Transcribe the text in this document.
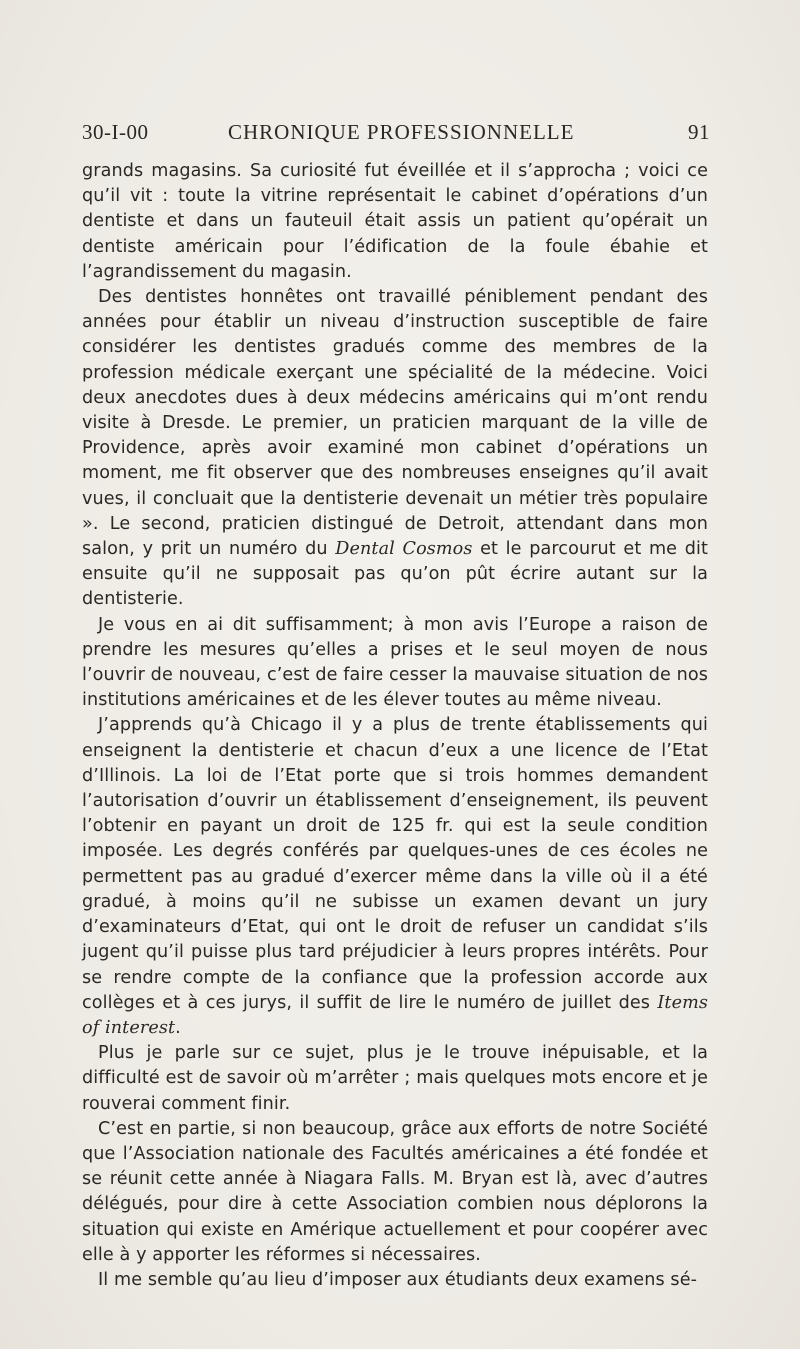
30-I-00	CHRONIQUE PROFESSIONNELLE	91

grands magasins. Sa curiosité fut éveillée et il s’approcha ; voici ce qu’il vit : toute la vitrine représentait le cabinet d’opérations d’un dentiste et dans un fauteuil était assis un patient qu’opérait un dentiste américain pour l’édification de la foule ébahie et l’agrandissement du magasin.

Des dentistes honnêtes ont travaillé péniblement pendant des années pour établir un niveau d’instruction susceptible de faire considérer les dentistes gradués comme des membres de la profession médicale exerçant une spécialité de la médecine. Voici deux anecdotes dues à deux médecins américains qui m’ont rendu visite à Dresde. Le premier, un praticien marquant de la ville de Providence, après avoir examiné mon cabinet d’opérations un moment, me fit observer que des nombreuses enseignes qu’il avait vues, il concluait que la dentisterie devenait un métier très populaire ». Le second, praticien distingué de Detroit, attendant dans mon salon, y prit un numéro du Dental Cosmos et le parcourut et me dit ensuite qu’il ne supposait pas qu’on pût écrire autant sur la dentisterie.

Je vous en ai dit suffisamment; à mon avis l’Europe a raison de prendre les mesures qu’elles a prises et le seul moyen de nous l’ouvrir de nouveau, c’est de faire cesser la mauvaise situation de nos institutions américaines et de les élever toutes au même niveau.

J’apprends qu’à Chicago il y a plus de trente établissements qui enseignent la dentisterie et chacun d’eux a une licence de l’Etat d’Illinois. La loi de l’Etat porte que si trois hommes demandent l’autorisation d’ouvrir un établissement d’enseignement, ils peuvent l’obtenir en payant un droit de 125 fr. qui est la seule condition imposée. Les degrés conférés par quelques-unes de ces écoles ne permettent pas au gradué d’exercer même dans la ville où il a été gradué, à moins qu’il ne subisse un examen devant un jury d’examinateurs d’Etat, qui ont le droit de refuser un candidat s’ils jugent qu’il puisse plus tard préjudicier à leurs propres intérêts. Pour se rendre compte de la confiance que la profession accorde aux collèges et à ces jurys, il suffit de lire le numéro de juillet des Items of interest.

Plus je parle sur ce sujet, plus je le trouve inépuisable, et la difficulté est de savoir où m’arrêter ; mais quelques mots encore et je rouverai comment finir.

C’est en partie, si non beaucoup, grâce aux efforts de notre Société que l’Association nationale des Facultés américaines a été fondée et se réunit cette année à Niagara Falls. M. Bryan est là, avec d’autres délégués, pour dire à cette Association combien nous déplorons la situation qui existe en Amérique actuellement et pour coopérer avec elle à y apporter les réformes si nécessaires.

Il me semble qu’au lieu d’imposer aux étudiants deux examens sé-
